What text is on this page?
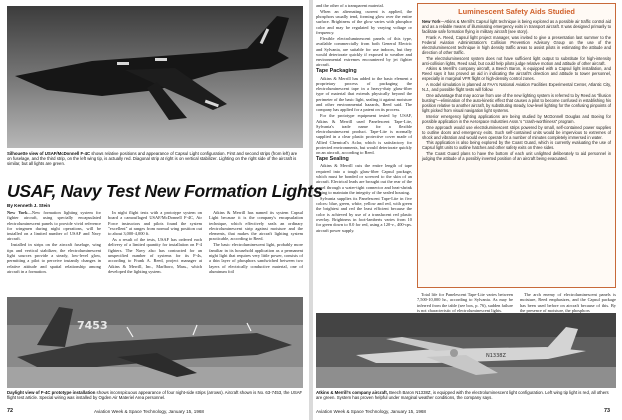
Silhouette view of USAF/McDonnell F-4C shows relative positions and appearance of Capsul Light configuration. First and second strips (from left) are on fuselage, and the third strip, on the left wing tip, is actually red. Diagonal strip at right is on vertical stabilizer. Lighting on the right side of the aircraft is similar, but all lights are green.
USAF, Navy Test New Formation Lights
By Kenneth J. Stein

New York—New formation lighting system for fighter aircraft, using specially encapsulated electroluminescent panels to provide vivid reference for wingmen during night operations, will be installed on a limited number of USAF and Navy aircraft.

Installed in strips on the aircraft fuselage, wing tips and vertical stabilizer, the electroluminescent light sources provide a steady, low-level glow, permitting a pilot to perceive instantly changes in relative attitude and spatial relationship among aircraft in a formation.

In night flight tests with a prototype system on board a camouflaged USAF/McDonnell F-4C, Air Force instructors and pilots found the system "excellent" at ranges from normal wing position out to about 3,000-4,000 ft.

As a result of the tests, USAF has ordered each delivery of a limited quantity for installation on F-4 fighters. The Navy also has contracted for an unspecified number of systems for its F-4s, according to Frank A. Reed, project manager at Atkins & Merrill, Inc., Marlboro, Mass., which developed the lighting system.

Atkins & Merrill has named its system Capsul Light because it is the company's encapsulation technique, which effectively seals an ordinary electroluminescent strip against moisture and the elements, that makes the aircraft lighting system practicable, according to Reed.

The basic electroluminescent light, probably more familiar in its household application as a permanent night light that requires very little power, consists of a thin layer of phosphors sandwiched between two layers of electrically conductive material, one of aluminum foil

7453
Daylight view of F-4C prototype installation shows inconspicuous appearance of four night-side strips (arrows). Aircraft shown is No. 63-7453, the USAF flight test article. Special wiring was installed by Ogden Air Materiel Area personnel.
72	Aviation Week & Space Technology, January 15, 1968

and the other of a transparent material.

When an alternating current is applied, the phosphors usually tend, forming glow over the entire surface. Brightness of the glow varies with phosphor color and may be regulated by varying voltage or frequency.

Flexible electroluminescent panels of this type, available commercially from both General Electric and Sylvania, are suitable for use indoors, but they would deteriorate quickly if exposed to weather and environmental extremes encountered by jet fighter aircraft.

Tape Packaging

Atkins & Merrill has added to the basic element a proprietary process of packaging the electroluminescent tape in a heavy-duty glass-fiber type of material that extends physically beyond the perimeter of the basic light, sealing it against moisture and other environmental hazards, Reed said. The company has applied for a patent on its process.

For the prototype equipment tested by USAF, Atkins & Merrill used Panelescent Tape-Lite, Sylvania's trade name for a flexible electroluminescent product. Tape-Lite is normally supplied in a clear plastic protective cover made of Allied Chemical's Aclar, which is satisfactory for protected environments, but would deteriorate quickly on an aircraft, according to Reed.

Tape Sealing

Atkins & Merrill cuts the entire length of tape required into a tough glass-fiber Capsul package, which must be bonded or screwed to the skin of an aircraft. Electrical leads are brought out the rear of the panel through a water-tight connector and heat-shrink tubing to maintain the integrity of the sealed housing.

Sylvania supplies its Panelescent Tape-Lite in five colors: blue, green, white, yellow and red, with green the brightest and red the least efficient because the color is achieved by use of a translucent red plastic overlay. Brightness in foot-lamberts varies from 10 for green down to 8.0 for red, using a 120-v., 400-cps. aircraft power supply.

Luminescent Safety Aids Studied

New York—Atkins & Merrill's Capsul light technique is being explored as a possible air traffic control aid and as a reliable means of illuminating emergency exits in transport aircraft. It was designed primarily to facilitate safe formation flying in military aircraft (see story).

Frank A. Reed, Capsul light project manager, was invited to give a presentation last summer to the Federal Aviation Administration's Collision Prevention Advisory Group on the use of the electroluminescent technique in high density traffic areas to assist pilots in estimating the attitude and direction of other traffic.

The electroluminescent system does not have sufficient light output to substitute for high-intensity anti-collision lights, Reed said, but could help pilots judge relative motion and attitude of other aircraft.

Atkins & Merrill's company aircraft, a Beech Baron, is equipped with a Capsul light installation, and Reed says it has proved an aid in indicating the aircraft's direction and attitude to tower personnel, especially in marginal VFR flight or high-density control zones.

A model simulation is planned at FAA's National Aviation Facilities Experimental Center, Atlantic City, N.J., and possible flight tests will follow.

One advantage that may accrue from use of the new lighting system is referred to by Reed as "illusion busting"—elimination of the auto-kinetic effect that causes a pilot to become confused in establishing his position relative to another aircraft, by substituting steady, low-level lighting for the confusing pinpoints of light picked from visual navigation light systems.

Interior emergency lighting applications are being studied by McDonnell Douglas and Boeing for possible application in the Aerospace Industries Assn.'s "crash-worthiness" program.

One approach would use electroluminescent strips powered by small, self-contained power supplies to outline doors and emergency exits. Such self-contained units would be impervious to extremes of shock and vibration and would even operate for a number of minutes completely immersed in water.

This application is also being explored by the Coast Guard, which is currently evaluating the use of Capsul light units to outline hatches and other safety exits on three sides.

The Coast Guard plans to have the bottom of each unit unlighted deliberately to aid personnel in judging the attitude of a possibly inverted position of an aircraft being evacuated.

Total life for Panelescent Tape-Lite varies between 7,500-10,000 hr., according to Sylvania. As may be inferred from the table (see box, p. 76), sudden failure is not characteristic of electroluminescent lights.

The arch enemy of electroluminescent panels is moisture, Reed emphasizes, and the Capsul package has been used before on aircraft because of this. By the presence of moisture, the phosphors

N1338Z
Atkins & Merrill's company aircraft, Beech Baron N1338Z, is equipped with the electroluminescent light configuration. Left wing tip light is red, all others are green. System has proven helpful under marginal weather conditions, the company says.
Aviation Week & Space Technology, January 15, 1968	73
